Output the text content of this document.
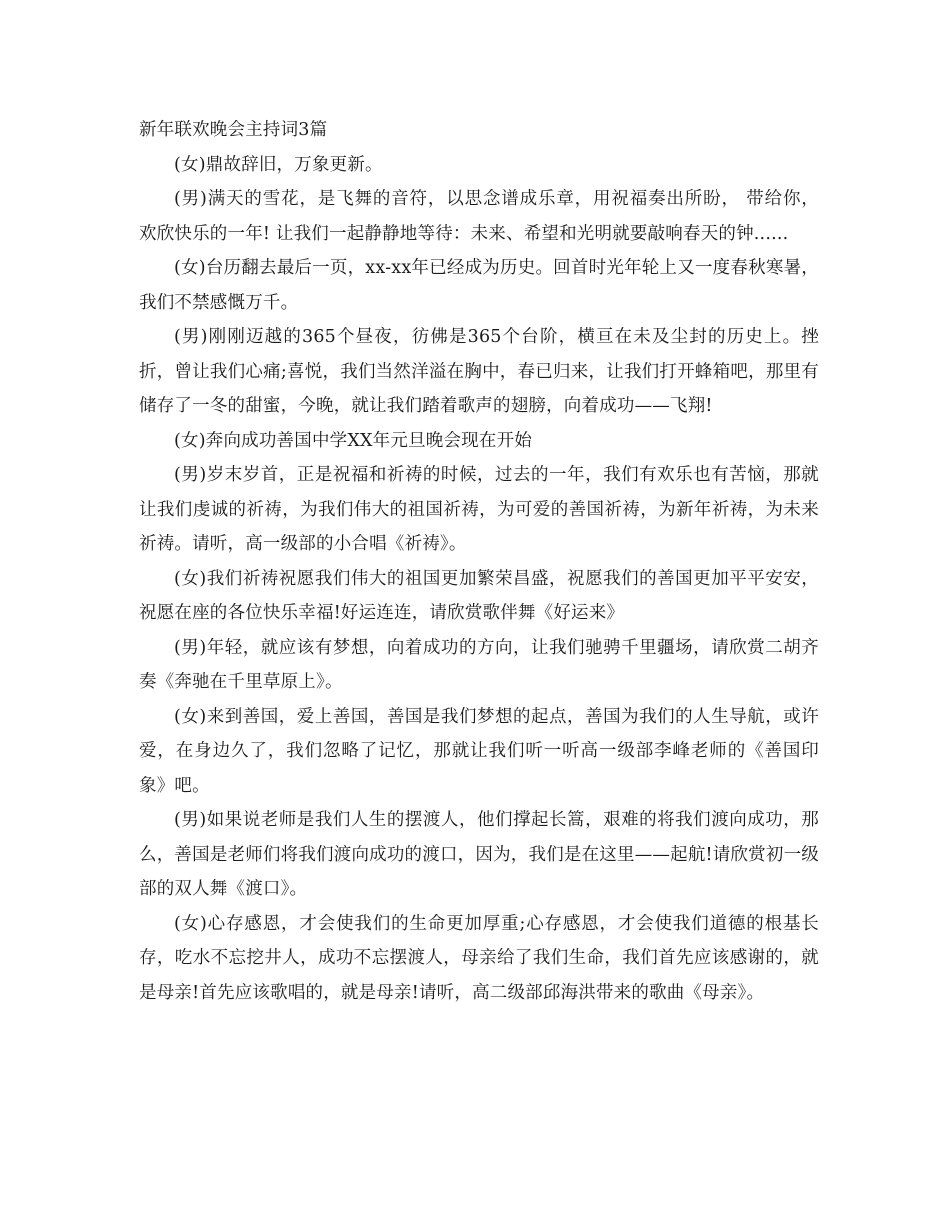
新年联欢晚会主持词3篇

(女)鼎故辞旧，万象更新。

(男)满天的雪花，是飞舞的音符，以思念谱成乐章，用祝福奏出所盼， 带给你， 欢欣快乐的一年! 让我们一起静静地等待：未来、希望和光明就要敲响春天的钟......

(女)台历翻去最后一页，xx-xx年已经成为历史。回首时光年轮上又一度春秋寒暑，我们不禁感慨万千。

(男)刚刚迈越的365个昼夜，彷佛是365个台阶，横亘在未及尘封的历史上。挫折，曾让我们心痛;喜悦，我们当然洋溢在胸中，春已归来，让我们打开蜂箱吧，那里有储存了一冬的甜蜜，今晚，就让我们踏着歌声的翅膀，向着成功——飞翔!

(女)奔向成功善国中学XX年元旦晚会现在开始

(男)岁末岁首，正是祝福和祈祷的时候，过去的一年，我们有欢乐也有苦恼，那就让我们虔诚的祈祷，为我们伟大的祖国祈祷，为可爱的善国祈祷，为新年祈祷，为未来祈祷。请听，高一级部的小合唱《祈祷》。

(女)我们祈祷祝愿我们伟大的祖国更加繁荣昌盛，祝愿我们的善国更加平平安安，祝愿在座的各位快乐幸福!好运连连，请欣赏歌伴舞《好运来》

(男)年轻，就应该有梦想，向着成功的方向，让我们驰骋千里疆场，请欣赏二胡齐奏《奔驰在千里草原上》。

(女)来到善国，爱上善国，善国是我们梦想的起点，善国为我们的人生导航，或许爱，在身边久了，我们忽略了记忆，那就让我们听一听高一级部李峰老师的《善国印象》吧。

(男)如果说老师是我们人生的摆渡人，他们撑起长篙，艰难的将我们渡向成功，那么，善国是老师们将我们渡向成功的渡口，因为，我们是在这里——起航!请欣赏初一级部的双人舞《渡口》。

(女)心存感恩，才会使我们的生命更加厚重;心存感恩，才会使我们道德的根基长存，吃水不忘挖井人，成功不忘摆渡人，母亲给了我们生命，我们首先应该感谢的，就是母亲!首先应该歌唱的，就是母亲!请听，高二级部邱海洪带来的歌曲《母亲》。
